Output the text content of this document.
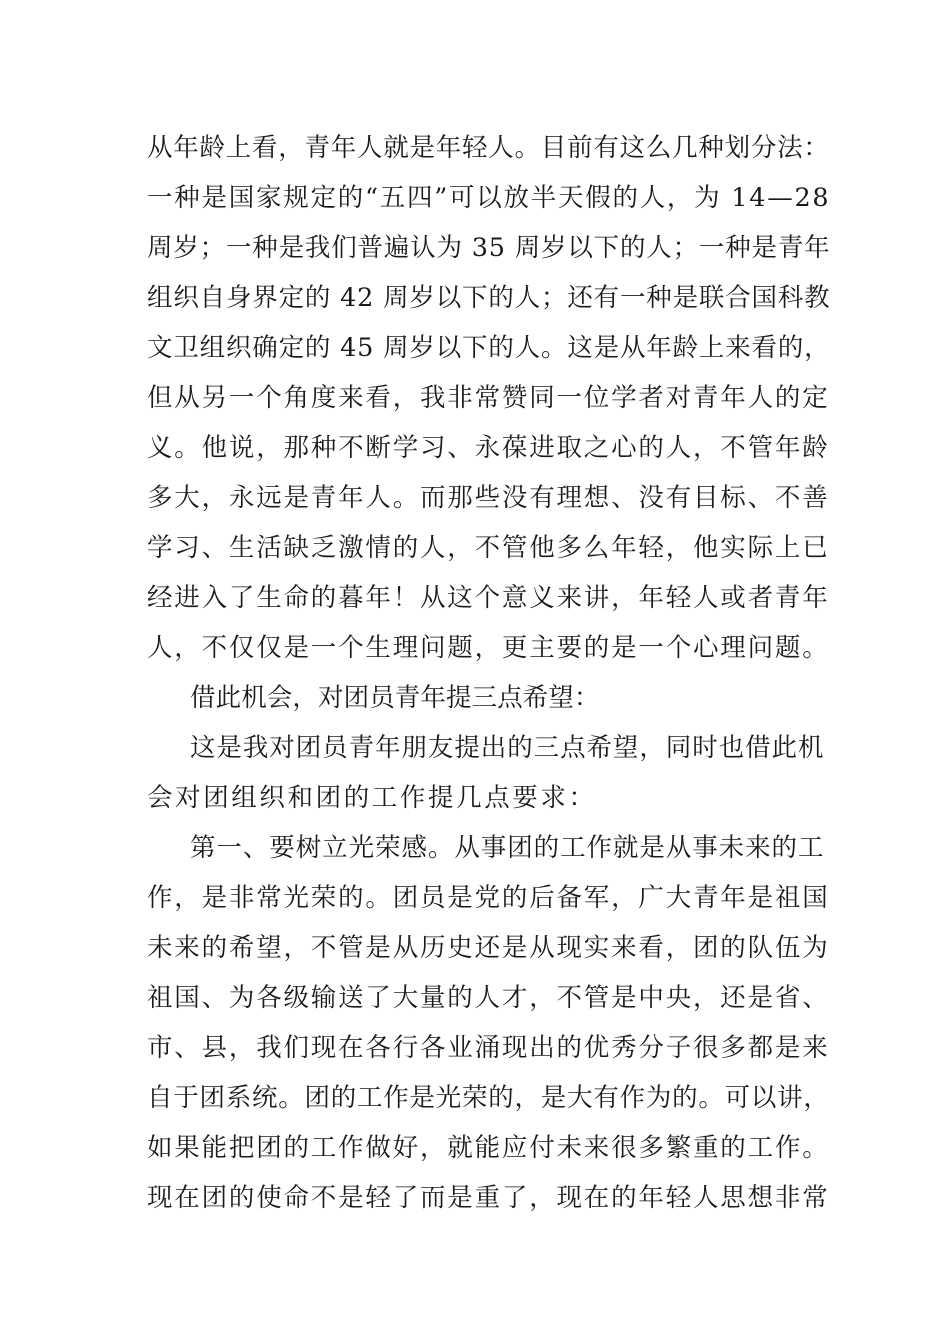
从年龄上看，青年人就是年轻人。目前有这么几种划分法：
一种是国家规定的“五四”可以放半天假的人，为 14—28
周岁；一种是我们普遍认为 35 周岁以下的人；一种是青年
组织自身界定的 42 周岁以下的人；还有一种是联合国科教
文卫组织确定的 45 周岁以下的人。这是从年龄上来看的，
但从另一个角度来看，我非常赞同一位学者对青年人的定
义。他说，那种不断学习、永葆进取之心的人，不管年龄
多大，永远是青年人。而那些没有理想、没有目标、不善
学习、生活缺乏激情的人，不管他多么年轻，他实际上已
经进入了生命的暮年！从这个意义来讲，年轻人或者青年
人，不仅仅是一个生理问题，更主要的是一个心理问题。
借此机会，对团员青年提三点希望：
这是我对团员青年朋友提出的三点希望，同时也借此机
会对团组织和团的工作提几点要求：
第一、要树立光荣感。从事团的工作就是从事未来的工
作，是非常光荣的。团员是党的后备军，广大青年是祖国
未来的希望，不管是从历史还是从现实来看，团的队伍为
祖国、为各级输送了大量的人才，不管是中央，还是省、
市、县，我们现在各行各业涌现出的优秀分子很多都是来
自于团系统。团的工作是光荣的，是大有作为的。可以讲，
如果能把团的工作做好，就能应付未来很多繁重的工作。
现在团的使命不是轻了而是重了，现在的年轻人思想非常
